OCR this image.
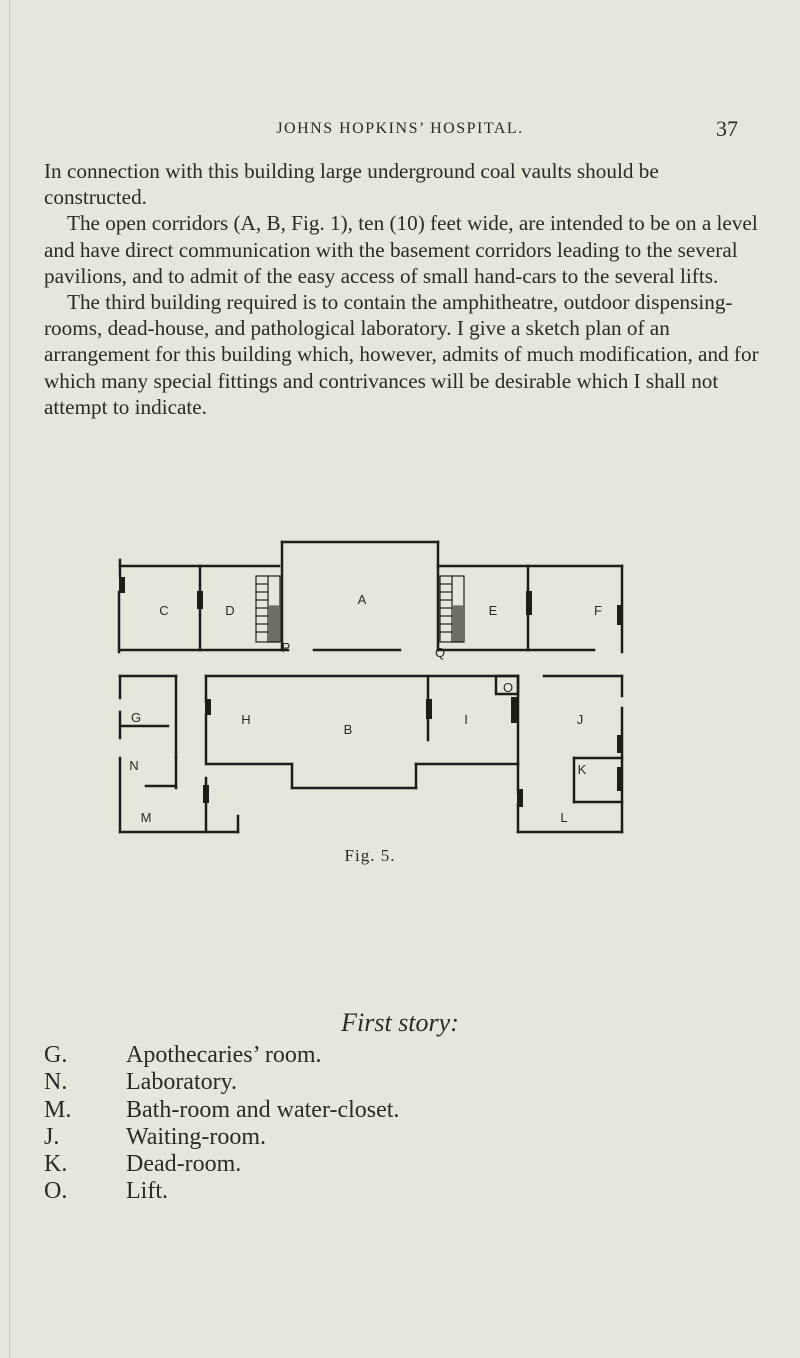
JOHNS HOPKINS’ HOSPITAL.	37

In connection with this building large underground coal vaults should be constructed.

The open corridors (A, B, Fig. 1), ten (10) feet wide, are intended to be on a level and have direct communication with the basement corridors leading to the several pavilions, and to admit of the easy access of small hand-cars to the several lifts.

The third building required is to contain the amphitheatre, outdoor dispensing-rooms, dead-house, and pathological laboratory. I give a sketch plan of an arrangement for this building which, however, admits of much modification, and for which many special fittings and contrivances will be desirable which I shall not attempt to indicate.

C	D
A
E	F
P	Q
G	H
B
I
O
J
N	K
M	L
Fig. 5.
First story:
G.	Apothecaries’ room.
N.	Laboratory.
M.	Bath-room and water-closet.
J.	Waiting-room.
K.	Dead-room.
O.	Lift.
